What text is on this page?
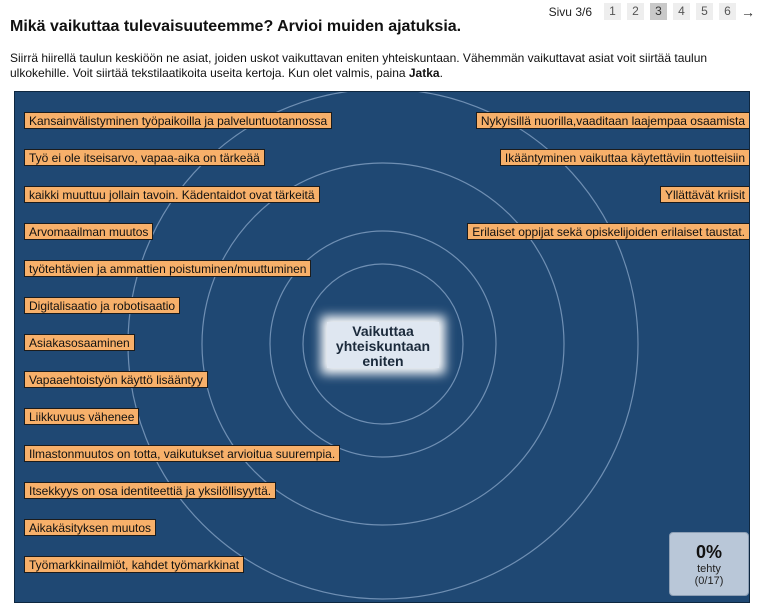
Mikä vaikuttaa tulevaisuuteemme? Arvioi muiden ajatuksia.
Sivu 3/6	1	2	3	4	5	6 →

Siirrä hiirellä taulun keskiöön ne asiat, joiden uskot vaikuttavan eniten yhteiskuntaan. Vähemmän vaikuttavat asiat voit siirtää taulun ulkokehille. Voit siirtää tekstilaatikoita useita kertoja. Kun olet valmis, paina Jatka.

Vaikuttaa yhteiskuntaan eniten
Kansainvälistyminen työpaikoilla ja palveluntuotannossa
Työ ei ole itseisarvo, vapaa-aika on tärkeää
kaikki muuttuu jollain tavoin. Kädentaidot ovat tärkeitä
Arvomaailman muutos
työtehtävien ja ammattien poistuminen/muuttuminen
Digitalisaatio ja robotisaatio
Asiakasosaaminen
Vapaaehtoistyön käyttö lisääntyy
Liikkuvuus vähenee
Ilmastonmuutos on totta, vaikutukset arvioitua suurempia.
Itsekkyys on osa identiteettiä ja yksilöllisyyttä.
Aikakäsityksen muutos
Työmarkkinailmiöt, kahdet työmarkkinat
Nykyisillä nuorilla,vaaditaan laajempaa osaamista
Ikääntyminen vaikuttaa käytettäviin tuotteisiin
Yllättävät kriisit
Erilaiset oppijat sekä opiskelijoiden erilaiset taustat.
0%
tehty
(0/17)
